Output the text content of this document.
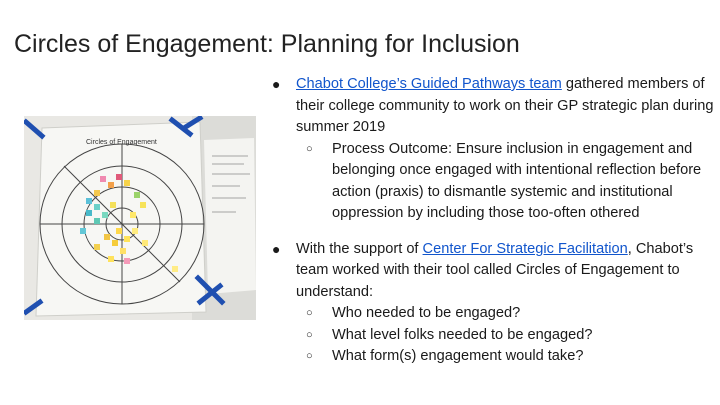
Circles of Engagement: Planning for Inclusion
Circles of Engagement
● Chabot College’s Guided Pathways team gathered members of their college community to work on their GP strategic plan during summer 2019
○ Process Outcome: Ensure inclusion in engagement and belonging once engaged with intentional reflection before action (praxis) to dismantle systemic and institutional oppression by including those too-often othered
● With the support of Center For Strategic Facilitation, Chabot’s team worked with their tool called Circles of Engagement to understand:
○ Who needed to be engaged?
○ What level folks needed to be engaged?
○ What form(s) engagement would take?
